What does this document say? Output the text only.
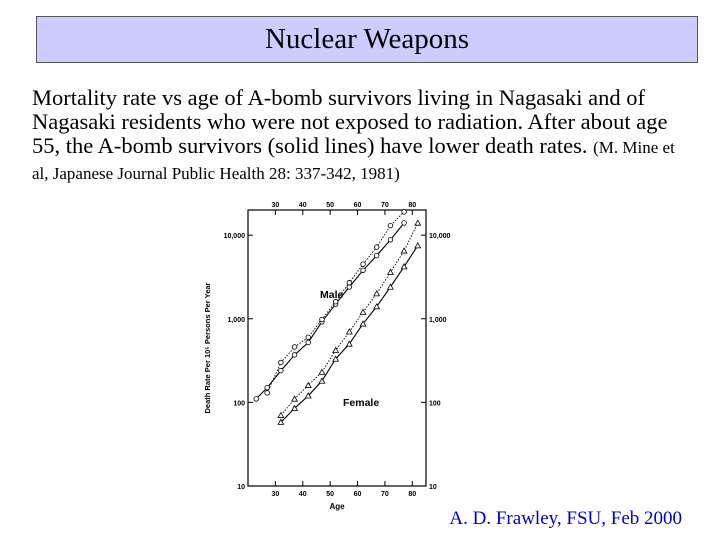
Nuclear Weapons
Mortality rate vs age of A-bomb survivors living in Nagasaki and of Nagasaki residents who were not exposed to radiation. After about age 55, the A-bomb survivors (solid lines) have lower death rates. (M. Mine et al, Japanese Journal Public Health 28: 337-342, 1981)
30
30
40
40
50
50
60
60
70
70
80
80
10	10
100	100
1,000	1,000
10,000	10,000
Male
Female
Age
Death Rate Per 10⁵ Persons Per Year
A. D. Frawley, FSU, Feb 2000
